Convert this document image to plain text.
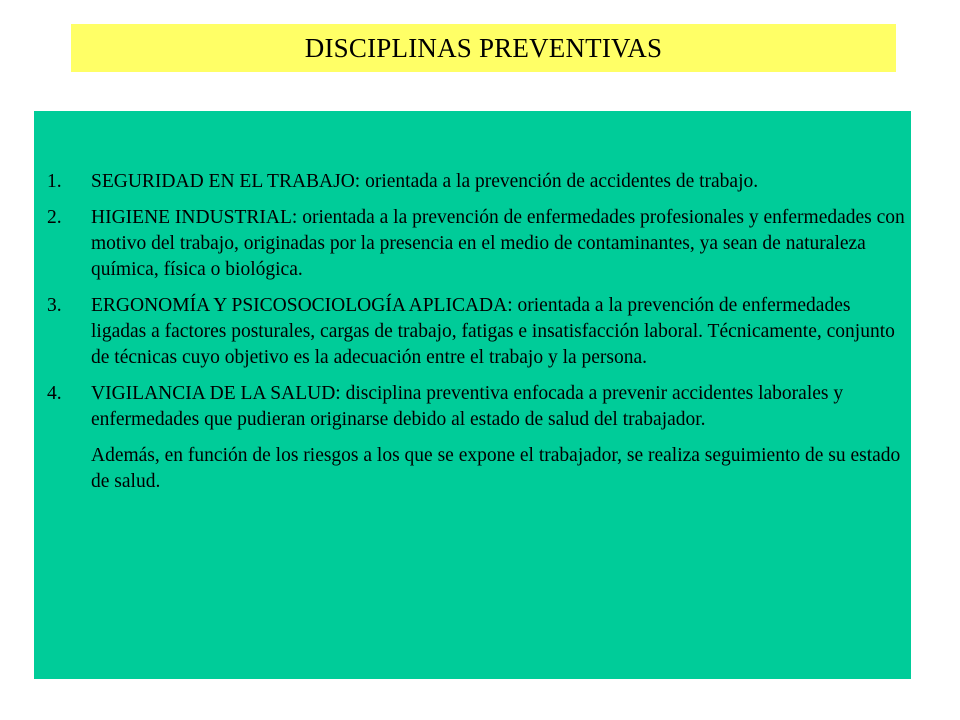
DISCIPLINAS PREVENTIVAS
1.	SEGURIDAD EN EL TRABAJO: orientada a la prevención de accidentes de trabajo.
2.	HIGIENE INDUSTRIAL: orientada a la prevención de enfermedades profesionales y enfermedades con motivo del trabajo, originadas por la presencia en el medio de contaminantes, ya sean de naturaleza química, física o biológica.
3.	ERGONOMÍA Y PSICOSOCIOLOGÍA APLICADA: orientada a la prevención de enfermedades ligadas a factores posturales, cargas de trabajo, fatigas e insatisfacción laboral. Técnicamente, conjunto de técnicas cuyo objetivo es la adecuación entre el trabajo y la persona.
4.	VIGILANCIA DE LA SALUD: disciplina preventiva enfocada a prevenir accidentes laborales y enfermedades que pudieran originarse debido al estado de salud del trabajador.
Además, en función de los riesgos a los que se expone el trabajador, se realiza seguimiento de su estado de salud.
